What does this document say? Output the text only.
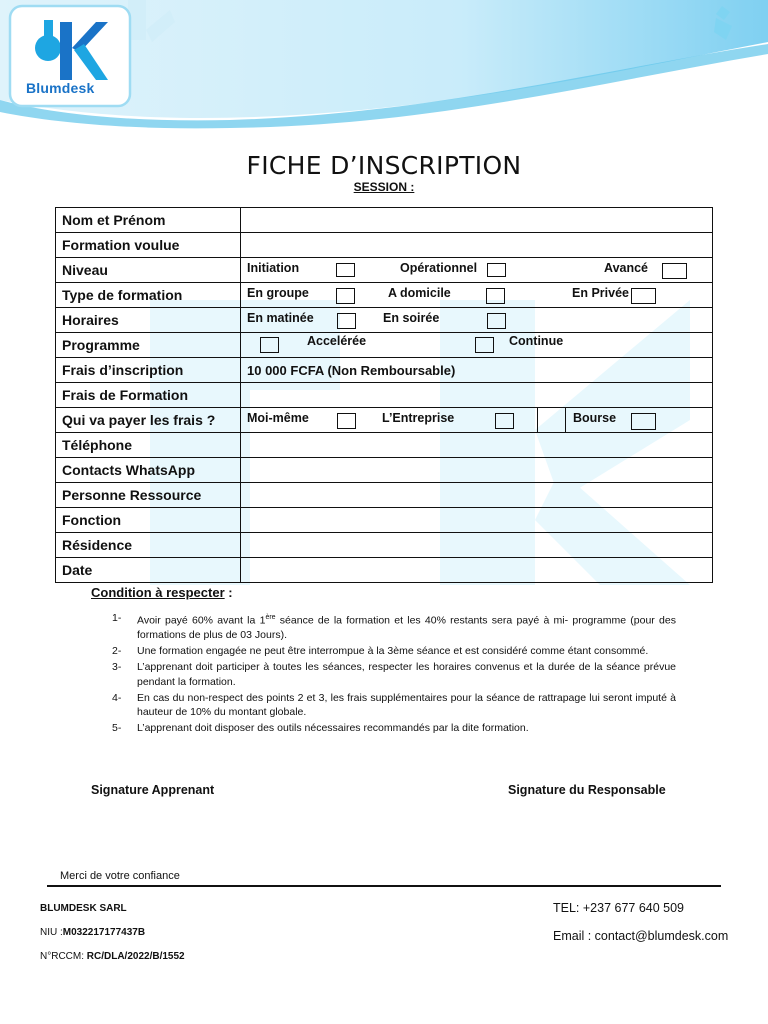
Blumdesk
FICHE D’INSCRIPTION
SESSION :
Nom et Prénom	
Formation voulue	
Niveau	Initiation Opérationnel Avancé

Type de formation	En groupe A domicile En Privée

Horaires	En matinée En soirée

Programme	Accelérée Continue

Frais d’inscription	10 000 FCFA (Non Remboursable)
Frais de Formation	
Qui va payer les frais ?	Moi-même L’Entreprise Bourse

Téléphone	
Contacts WhatsApp	
Personne Ressource	
Fonction	
Résidence	
Date	
Condition à respecter :
1- Avoir payé 60% avant la 1ère séance de la formation et les 40% restants sera payé à mi- programme (pour des formations de plus de 03 Jours).
2- Une formation engagée ne peut être interrompue à la 3ème séance et est considéré comme étant consommé.
3- L’apprenant doit participer à toutes les séances, respecter les horaires convenus et la durée de la séance prévue pendant la formation.
4- En cas du non-respect des points 2 et 3, les frais supplémentaires pour la séance de rattrapage lui seront imputé à hauteur de 10% du montant globale.
5- L’apprenant doit disposer des outils nécessaires recommandés par la dite formation.
Signature Apprenant	Signature du Responsable
Merci de votre confiance
BLUMDESK SARL
NIU :M032217177437B
N°RCCM: RC/DLA/2022/B/1552
TEL: +237 677 640 509
Email : contact@blumdesk.com
